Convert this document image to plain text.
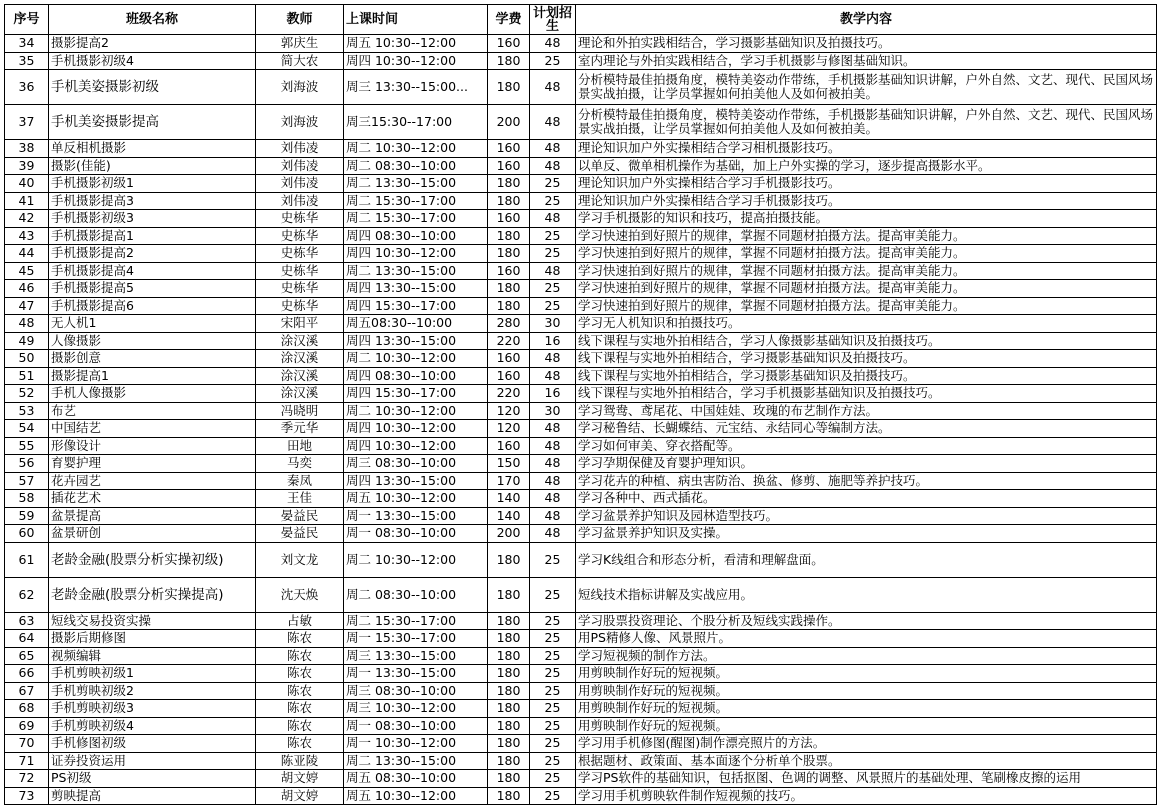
序号	班级名称	教师	上课时间	学费	计划招生	教学内容
34	摄影提高2	郭庆生	周五 10:30--12:00	160	48	理论和外拍实践相结合，学习摄影基础知识及拍摄技巧。
35	手机摄影初级4	简大农	周四 10:30--12:00	180	25	室内理论与外拍实践相结合，学习手机摄影与修图基础知识。
36	手机美姿摄影初级	刘海波	周三 13:30--15:00...	180	48	分析模特最佳拍摄角度，模特美姿动作带练，手机摄影基础知识讲解，户外自然、文艺、现代、民国风场景实战拍摄，让学员掌握如何拍美他人及如何被拍美。
37	手机美姿摄影提高	刘海波	周三15:30--17:00	200	48	分析模特最佳拍摄角度，模特美姿动作带练，手机摄影基础知识讲解，户外自然、文艺、现代、民国风场景实战拍摄，让学员掌握如何拍美他人及如何被拍美。
38	单反相机摄影	刘伟凌	周二 10:30--12:00	160	48	理论知识加户外实操相结合学习相机摄影技巧。
39	摄影(佳能)	刘伟凌	周二 08:30--10:00	160	48	以单反、微单相机操作为基础，加上户外实操的学习，逐步提高摄影水平。
40	手机摄影初级1	刘伟凌	周二 13:30--15:00	180	25	理论知识加户外实操相结合学习手机摄影技巧。
41	手机摄影提高3	刘伟凌	周二 15:30--17:00	180	25	理论知识加户外实操相结合学习手机摄影技巧。
42	手机摄影初级3	史栋华	周二 15:30--17:00	160	48	学习手机摄影的知识和技巧，提高拍摄技能。
43	手机摄影提高1	史栋华	周四 08:30--10:00	180	25	学习快速拍到好照片的规律，掌握不同题材拍摄方法。提高审美能力。
44	手机摄影提高2	史栋华	周四 10:30--12:00	180	25	学习快速拍到好照片的规律，掌握不同题材拍摄方法。提高审美能力。
45	手机摄影提高4	史栋华	周二 13:30--15:00	160	48	学习快速拍到好照片的规律，掌握不同题材拍摄方法。提高审美能力。
46	手机摄影提高5	史栋华	周四 13:30--15:00	180	25	学习快速拍到好照片的规律，掌握不同题材拍摄方法。提高审美能力。
47	手机摄影提高6	史栋华	周四 15:30--17:00	180	25	学习快速拍到好照片的规律，掌握不同题材拍摄方法。提高审美能力。
48	无人机1	宋阳平	周五08:30--10:00	280	30	学习无人机知识和拍摄技巧。
49	人像摄影	涂汉溪	周四 13:30--15:00	220	16	线下课程与实地外拍相结合，学习人像摄影基础知识及拍摄技巧。
50	摄影创意	涂汉溪	周二 10:30--12:00	160	48	线下课程与实地外拍相结合，学习摄影基础知识及拍摄技巧。
51	摄影提高1	涂汉溪	周四 08:30--10:00	160	48	线下课程与实地外拍相结合，学习摄影基础知识及拍摄技巧。
52	手机人像摄影	涂汉溪	周四 15:30--17:00	220	16	线下课程与实地外拍相结合，学习手机摄影基础知识及拍摄技巧。
53	布艺	冯晓明	周二 10:30--12:00	120	30	学习鸳鸯、鸢尾花、中国娃娃、玫瑰的布艺制作方法。
54	中国结艺	季元华	周四 10:30--12:00	120	48	学习秘鲁结、长蝴蝶结、元宝结、永结同心等编制方法。
55	形像设计	田地	周四 10:30--12:00	160	48	学习如何审美、穿衣搭配等。
56	育婴护理	马奕	周三 08:30--10:00	150	48	学习孕期保健及育婴护理知识。
57	花卉园艺	秦凤	周四 13:30--15:00	170	48	学习花卉的种植、病虫害防治、换盆、修剪、施肥等养护技巧。
58	插花艺术	王佳	周五 10:30--12:00	140	48	学习各种中、西式插花。
59	盆景提高	晏益民	周一 13:30--15:00	140	48	学习盆景养护知识及园林造型技巧。
60	盆景研创	晏益民	周一 08:30--10:00	200	48	学习盆景养护知识及实操。
61	老龄金融(股票分析实操初级)	刘文龙	周二 10:30--12:00	180	25	学习K线组合和形态分析，看清和理解盘面。
62	老龄金融(股票分析实操提高)	沈天焕	周二 08:30--10:00	180	25	短线技术指标讲解及实战应用。
63	短线交易投资实操	占敏	周二 15:30--17:00	180	25	学习股票投资理论、个股分析及短线实践操作。
64	摄影后期修图	陈农	周一 15:30--17:00	180	25	用PS精修人像、风景照片。
65	视频编辑	陈农	周三 13:30--15:00	180	25	学习短视频的制作方法。
66	手机剪映初级1	陈农	周一 13:30--15:00	180	25	用剪映制作好玩的短视频。
67	手机剪映初级2	陈农	周三 08:30--10:00	180	25	用剪映制作好玩的短视频。
68	手机剪映初级3	陈农	周三 10:30--12:00	180	25	用剪映制作好玩的短视频。
69	手机剪映初级4	陈农	周一 08:30--10:00	180	25	用剪映制作好玩的短视频。
70	手机修图初级	陈农	周一 10:30--12:00	180	25	学习用手机修图(醒图)制作漂亮照片的方法。
71	证券投资运用	陈亚陵	周二 13:30--15:00	180	25	根据题材、政策面、基本面逐个分析单个股票。
72	PS初级	胡文婷	周五 08:30--10:00	180	25	学习PS软件的基础知识，包括抠图、色调的调整、风景照片的基础处理、笔刷橡皮擦的运用
73	剪映提高	胡文婷	周五 10:30--12:00	180	25	学习用手机剪映软件制作短视频的技巧。
